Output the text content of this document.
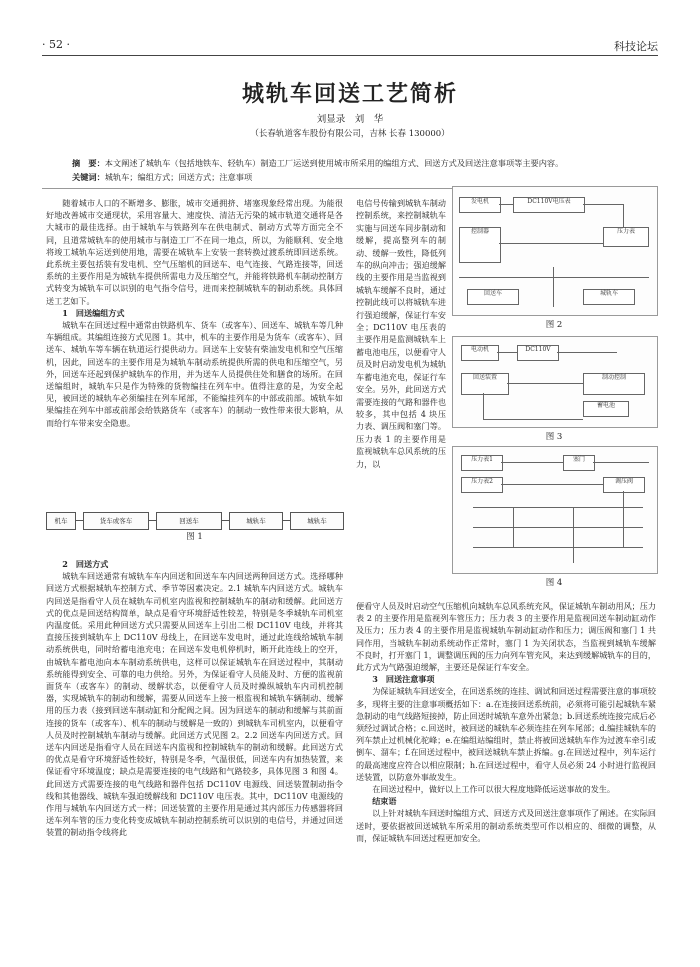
· 52 ·	科技论坛
城轨车回送工艺简析
刘显录　刘　华
（长春轨道客车股份有限公司，吉林 长春 130000）
摘　要：本文阐述了城轨车（包括地铁车、轻轨车）制造工厂运送到使用城市所采用的编组方式、回送方式及回送注意事项等主要内容。
关键词：城轨车；编组方式；回送方式；注意事项

随着城市人口的不断增多、膨胀，城市交通拥挤、堵塞现象经常出现。为能很好地改善城市交通现状，采用容量大、速度快、清洁无污染的城市轨道交通将是各大城市的最佳选择。由于城轨车与铁路列车在供电制式、制动方式等方面完全不同，且道常城轨车的使用城市与制造工厂不在同一地点，所以，为能顺利、安全地将竣工城轨车运送到使用地，需要在城轨车上安装一套转换过渡系统即回送系统。此系统主要包括装有发电机、空气压缩机的回送车、电气连接、气路连接等，回送系统的主要作用是为城轨车提供所需电力及压缩空气，并能将铁路机车制动控制方式转变为城轨车可以识别的电气指令信号，进而来控制城轨车的制动系统。具体回送工艺如下。

1　回送编组方式

城轨车在回送过程中通常由铁路机车、货车（或客车）、回送车、城轨车等几种车辆组成。其编组连接方式见图 1。其中，机车的主要作用是为货车（或客车）、回送车、城轨车等车辆在轨道运行提供动力。回送车上安装有柴油发电机和空气压缩机，因此，回送车的主要作用是为城轨车制动系统提供所需的供电和压缩空气，另外，回送车还起到保护城轨车的作用，并为送车人员提供住处和膳食的场所。在回送编组时，城轨车只是作为特殊的货物编挂在列车中。值得注意的是，为安全起见，被回送的城轨车必须编挂在列车尾部，不能编挂列车的中部或前部。城轨车如果编挂在列车中部或前部会给铁路货车（或客车）的制动一致性带来很大影响，从而给行车带来安全隐患。

机车	货车或客车	回送车	城轨车	城轨车
图 1

2　回送方式

城轨车回送通常有城轨车车内回送和回送车车内回送两种回送方式。选择哪种回送方式根据城轨车控制方式、季节等因素决定。2.1 城轨车内回送方式。城轨车内回送是指看守人员在城轨车司机室内监视和控制城轨车的制动和缓解。此回送方式的优点是回送结构简单，缺点是看守环境舒适性较差，特别是冬季城轨车司机室内温度低。采用此种回送方式只需要从回送车上引出二根 DC110V 电线，并将其直接压接到城轨车上 DC110V 母线上，在回送车发电时，通过此连线给城轨车制动系统供电，同时给蓄电池充电；在回送车发电机停机时，断开此连线上的空开，由城轨车蓄电池向本车制动系统供电，这样可以保证城轨车在回送过程中，其制动系统能得到安全、可靠的电力供给。另外，为保证看守人员能及时、方便的监视前面货车（或客车）的制动、缓解状态，以便看守人员及时操纵城轨车内司机控制器，实现城轨车的制动和缓解，需要从回送车上接一根监视和城轨车辆制动、缓解用的压力表（接到回送车制动缸和分配阀之间。因为回送车的制动和缓解与其前面连接的货车（或客车）、机车的制动与缓解是一致的）到城轨车司机室内，以便看守人员及时控制城轨车制动与缓解。此回送方式见图 2。2.2 回送车内回送方式。回送车内回送是指看守人员在回送车内监视和控制城轨车的制动和缓解。此回送方式的优点是看守环境舒适性较好，特别是冬季，气温很低，回送车内有加热装置，来保证看守环境温度；缺点是需要连接的电气线路和气路较多，具体见图 3 和图 4。此回送方式需要连接的电气线路和器件包括 DC110V 电源线、回送装置制动指令线和其他器线、城轨车强迫缓解线和 DC110V 电压表。其中，DC110V 电源线的作用与城轨车内回送方式一样；回送装置的主要作用是通过其内部压力传感器将回送车列车管的压力变化转变成城轨车制动控制系统可以识别的电信号，并通过回送装置的制动指令线将此

发电机	DC110V电压表
控制器	压力表
回送车	城轨车
图 2
电动机	DC110V
回送装置	制动控制
蓄电池
图 3
压力表1
压力表2
塞门
调压阀
图 4

电信号传输到城轨车制动控制系统，来控制城轨车实施与回送车同步制动和缓解，提高整列车的制动、缓解一致性，降低列车的纵向冲击；强迫缓解线的主要作用是当监视到城轨车缓解不良时，通过控制此线可以将城轨车进行强迫缓解，保证行车安全；DC110V 电压表的主要作用是监测城轨车上蓄电池电压，以便看守人员及时启动发电机为城轨车蓄电池充电，保证行车安全。另外，此回送方式需要连接的气路和器件也较多，其中包括 4 块压力表、调压阀和塞门等。压力表 1 的主要作用是监视城轨车总风系统的压力，以

便看守人员及时启动空气压缩机向城轨车总风系统充风，保证城轨车制动用风；压力表 2 的主要作用是监视列车管压力；压力表 3 的主要作用是监视回送车制动缸动作及压力；压力表 4 的主要作用是监视城轨车制动缸动作和压力；调压阀和塞门 1 共同作用，当城轨车制动系统动作正常时，塞门 1 为关闭状态，当监视到城轨车缓解不良时，打开塞门 1，调整调压阀的压力向列车管充风，来达到缓解城轨车的目的，此方式为气路强迫缓解，主要还是保证行车安全。

3　回送注意事项

为保证城轨车回送安全，在回送系统的连挂、调试和回送过程需要注意的事项较多，现将主要的注意事项概括如下：a.在连接回送系统前，必须将可能引起城轨车紧急制动的电气线路短接掉，防止回送时城轨车意外出紧急；b.回送系统连接完成后必须经过调试合格；c.回送时，被回送的城轨车必须连挂在列车尾部；d.编挂城轨车的列车禁止过机械化驼峰；e.在编组站编组时，禁止将被回送城轨车作为过渡车牵引或倒车、溜车；f.在回送过程中，被回送城轨车禁止拆编。g.在回送过程中，列车运行的最高速度应符合以相应限制；h.在回送过程中，看守人员必须 24 小时进行监视回送装置，以防意外事故发生。

在回送过程中，做好以上工作可以很大程度地降低运送事故的发生。

结束语

以上针对城轨车回送时编组方式、回送方式及回送注意事项作了阐述。在实际回送时，要依据被回送城轨车所采用的制动系统类型可作以相应的、细微的调整，从而，保证城轨车回送过程更加安全。
